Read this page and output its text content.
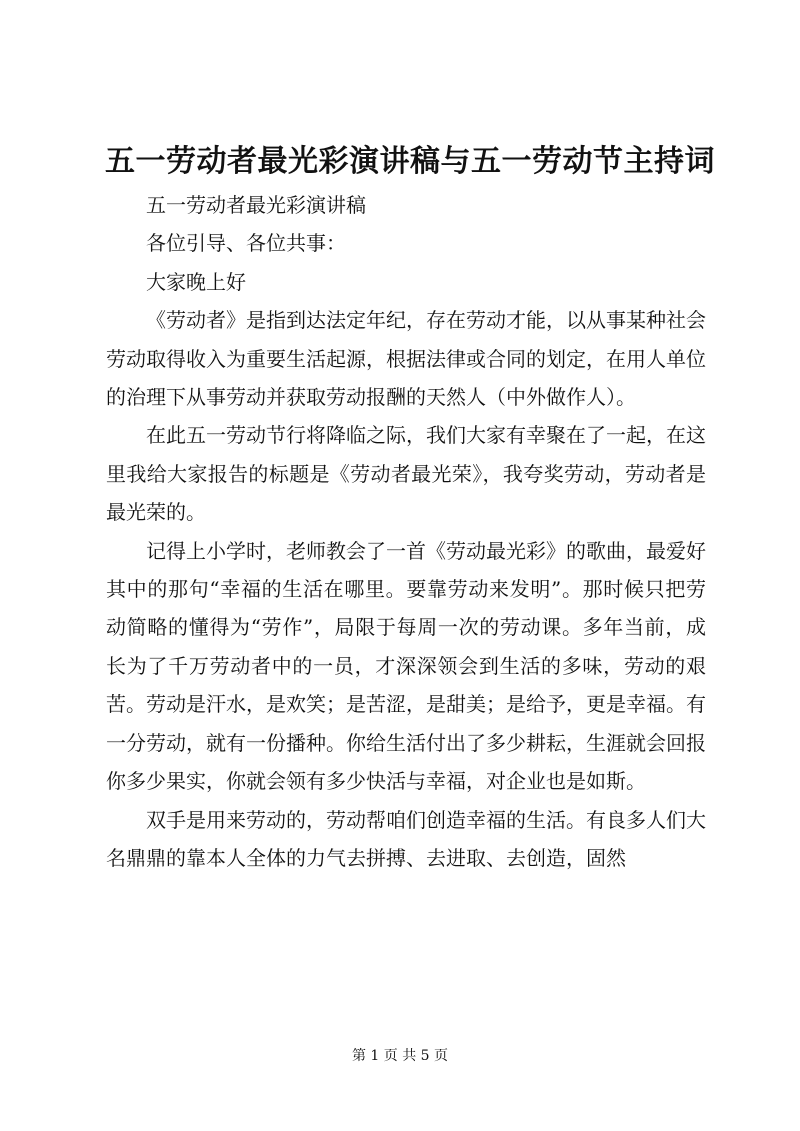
五一劳动者最光彩演讲稿与五一劳动节主持词

五一劳动者最光彩演讲稿

各位引导、各位共事：

大家晚上好

《劳动者》是指到达法定年纪，存在劳动才能，以从事某种社会劳动取得收入为重要生活起源，根据法律或合同的划定，在用人单位的治理下从事劳动并获取劳动报酬的天然人（中外做作人）。

在此五一劳动节行将降临之际，我们大家有幸聚在了一起，在这里我给大家报告的标题是《劳动者最光荣》，我夸奖劳动，劳动者是最光荣的。

记得上小学时，老师教会了一首《劳动最光彩》的歌曲，最爱好其中的那句“幸福的生活在哪里。要靠劳动来发明”。那时候只把劳动简略的懂得为“劳作”，局限于每周一次的劳动课。多年当前，成长为了千万劳动者中的一员，才深深领会到生活的多味，劳动的艰苦。劳动是汗水，是欢笑；是苦涩，是甜美；是给予，更是幸福。有一分劳动，就有一份播种。你给生活付出了多少耕耘，生涯就会回报你多少果实，你就会领有多少快活与幸福，对企业也是如斯。

双手是用来劳动的，劳动帮咱们创造幸福的生活。有良多人们大名鼎鼎的靠本人全体的力气去拼搏、去进取、去创造，固然

第 1 页 共 5 页
